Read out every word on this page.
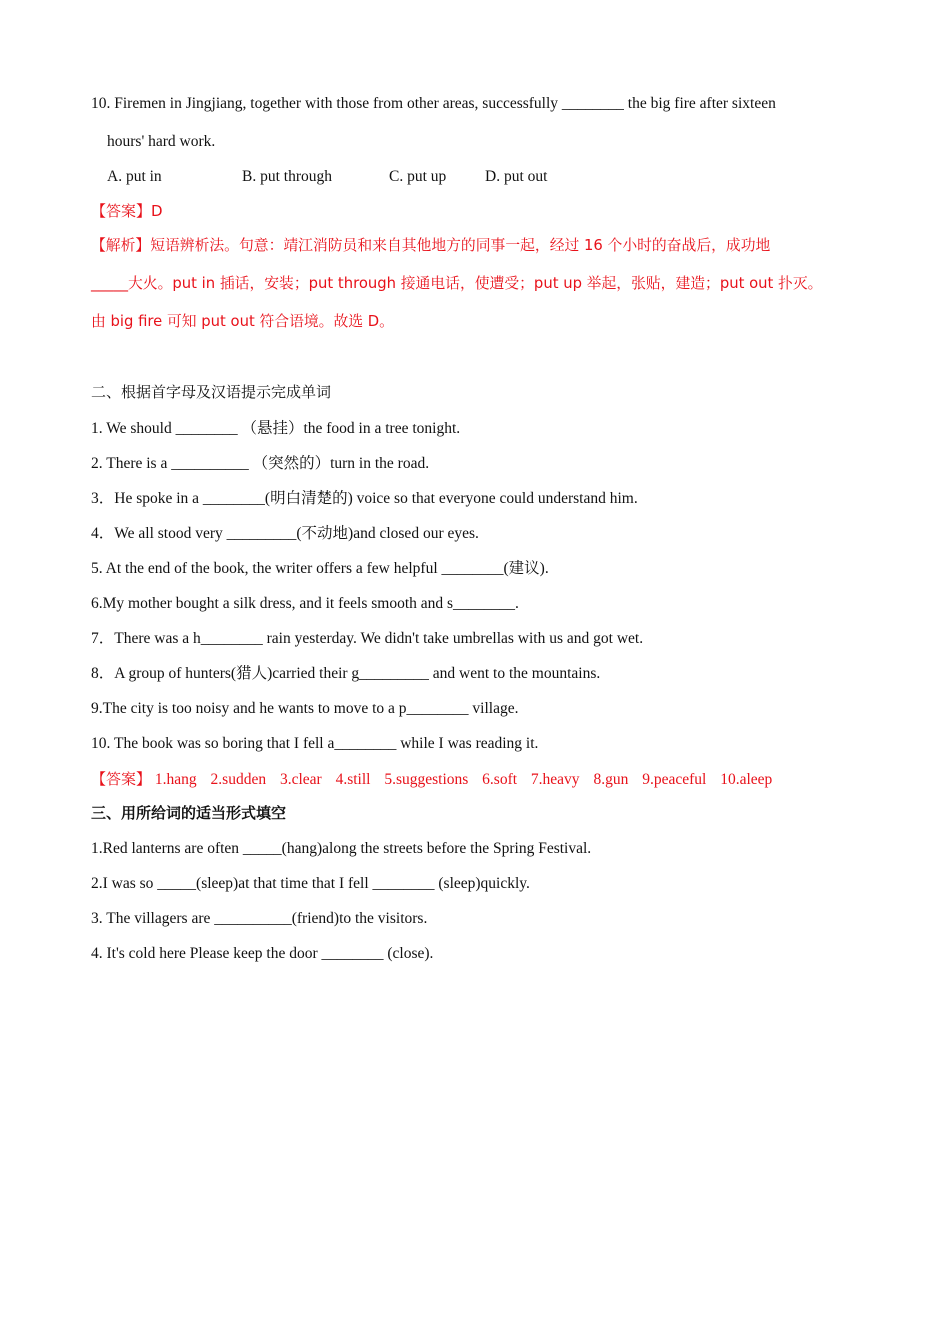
10. Firemen in Jingjiang, together with those from other areas, successfully ________ the big fire after sixteen
hours' hard work.
A. put in	B. put through	C. put up D. put out
【答案】D
【解析】短语辨析法。句意：靖江消防员和来自其他地方的同事一起，经过 16 个小时的奋战后，成功地
_____大火。put in 插话，安装；put through 接通电话，使遭受；put up 举起，张贴，建造；put out 扑灭。
由 big fire 可知 put out 符合语境。故选 D。
二、根据首字母及汉语提示完成单词
1. We should ________ （悬挂）the food in a tree tonight.
2. There is a __________ （突然的）turn in the road.
3．He spoke in a ________(明白清楚的) voice so that everyone could understand him.
4．We all stood very _________(不动地)and closed our eyes.
5. At the end of the book, the writer offers a few helpful ________(建议).
6.My mother bought a silk dress, and it feels smooth and s________.
7．There was a h________ rain yesterday. We didn't take umbrellas with us and got wet.
8．A group of hunters(猎人)carried their g_________ and went to the mountains.
9.The city is too noisy and he wants to move to a p________ village.
10. The book was so boring that I fell a________ while I was reading it.
【答案】 1.hang 2.sudden 3.clear 4.still 5.suggestions 6.soft 7.heavy 8.gun 9.peaceful 10.aleep
三、用所给词的适当形式填空
1.Red lanterns are often _____(hang)along the streets before the Spring Festival.
2.I was so _____(sleep)at that time that I fell ________ (sleep)quickly.
3. The villagers are __________(friend)to the visitors.
4. It's cold here Please keep the door ________ (close).
